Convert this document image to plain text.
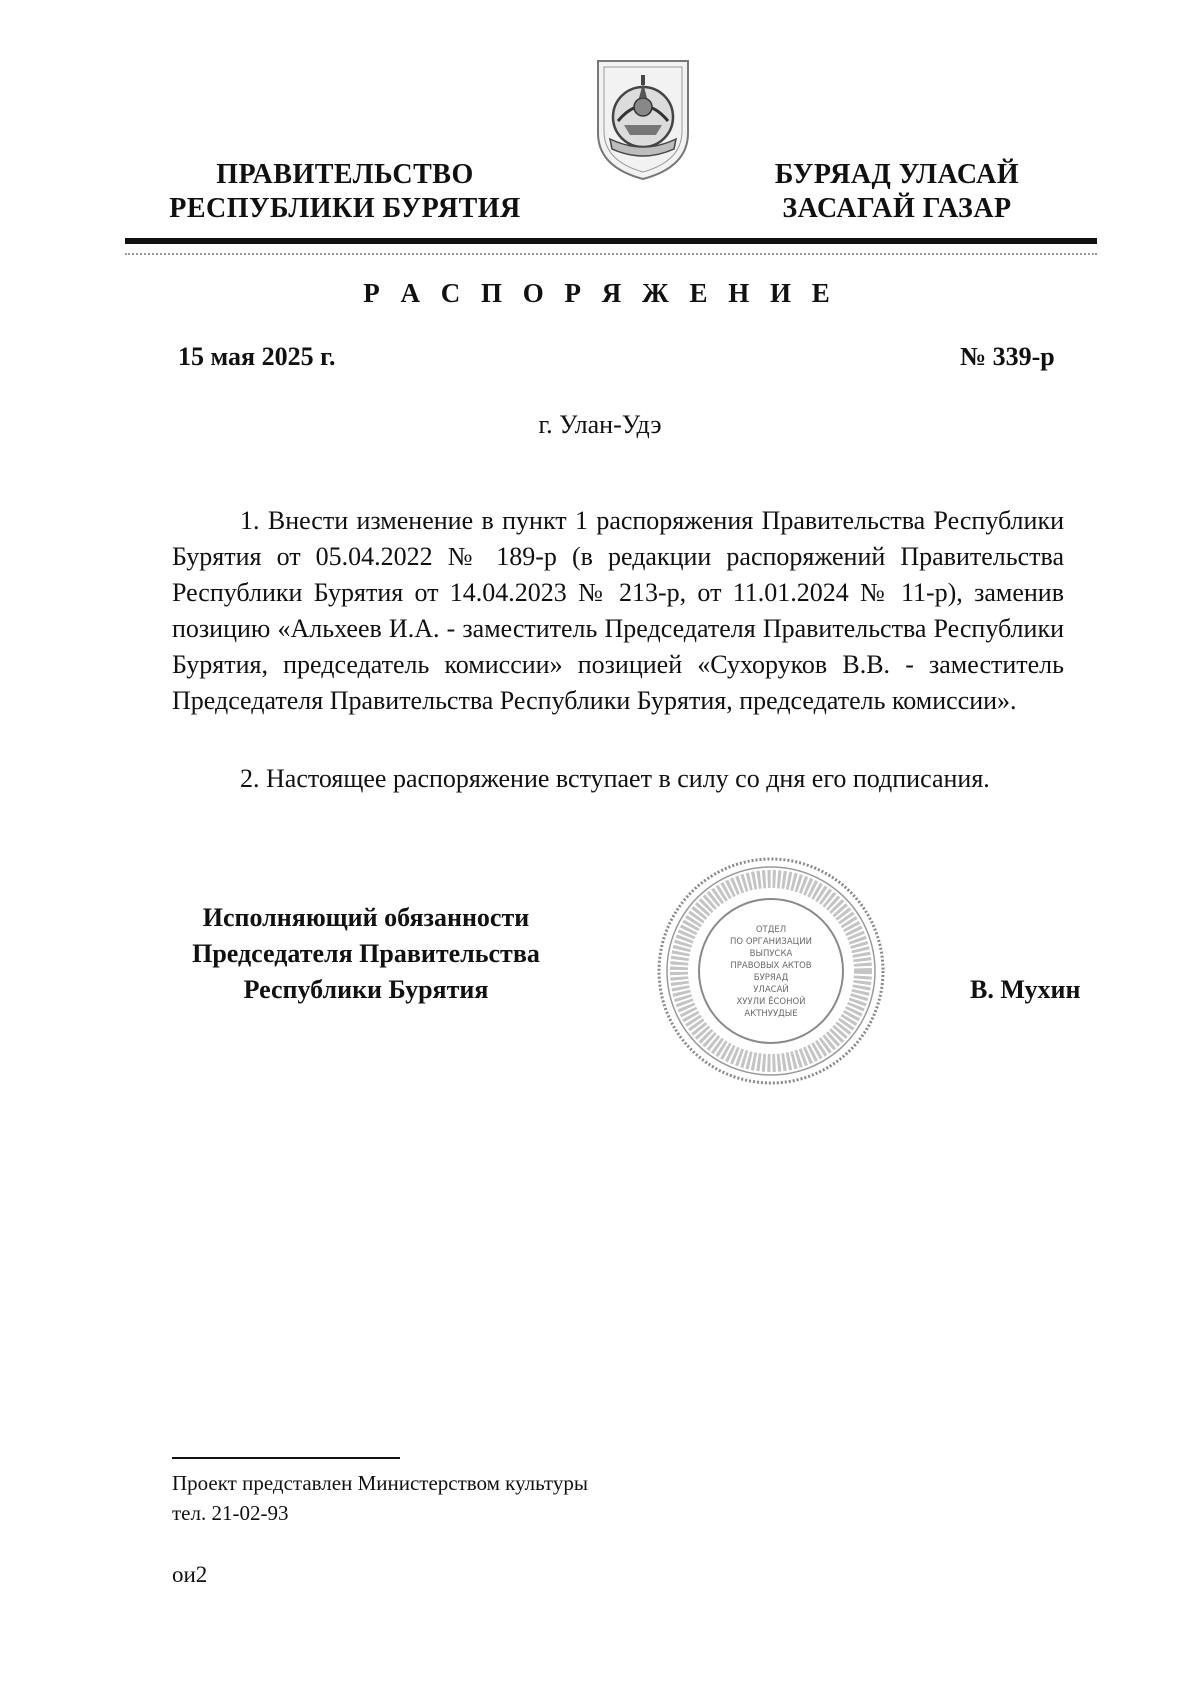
ПРАВИТЕЛЬСТВО
РЕСПУБЛИКИ БУРЯТИЯ
БУРЯАД УЛАСАЙ
ЗАСАГАЙ ГАЗАР
Р А С П О Р Я Ж Е Н И Е
15 мая 2025 г.	№ 339-р
г. Улан-Удэ
1. Внести изменение в пункт 1 распоряжения Правительства Республики Бурятия от 05.04.2022 № 189-р (в редакции распоряжений Правительства Республики Бурятия от 14.04.2023 № 213-р, от 11.01.2024 № 11-р), заменив позицию «Альхеев И.А. - заместитель Председателя Правительства Республики Бурятия, председатель комиссии» позицией «Сухоруков В.В. - заместитель Председателя Правительства Республики Бурятия, председатель комиссии».
2. Настоящее распоряжение вступает в силу со дня его подписания.
Исполняющий обязанности
Председателя Правительства
Республики Бурятия
ОТДЕЛ
ПО ОРГАНИЗАЦИИ
ВЫПУСКА
ПРАВОВЫХ АКТОВ
БУРЯАД
УЛАСАЙ
ХУУЛИ ЁСОНОЙ
АКТНУУДЫЕ
В. Мухин
Проект представлен Министерством культуры
тел. 21-02-93
ои2
